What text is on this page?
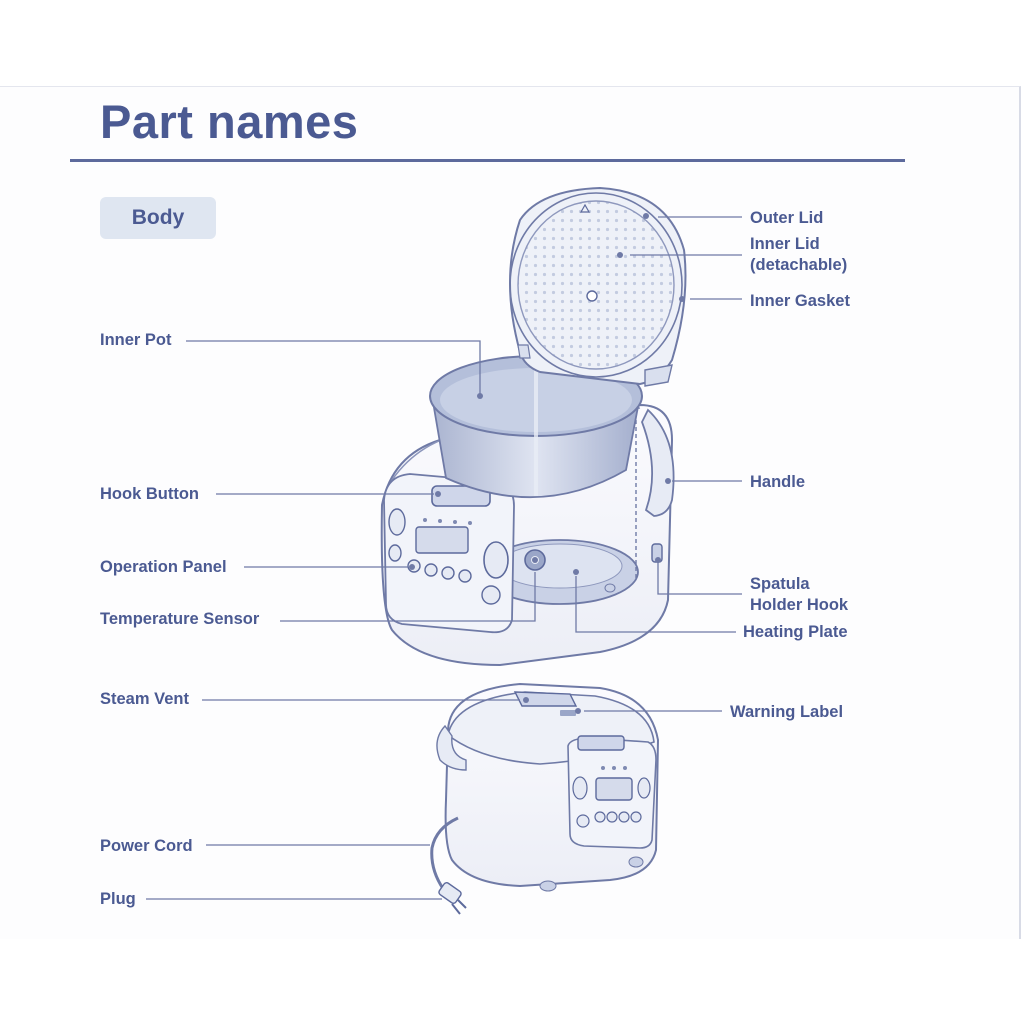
Part names
Body	Outer Lid
Inner Lid
(detachable)
Inner Gasket
Inner Pot
Hook Button
Handle
Operation Panel
Spatula
Holder Hook
Temperature Sensor
Heating Plate
Steam Vent
Warning Label
Power Cord
Plug
